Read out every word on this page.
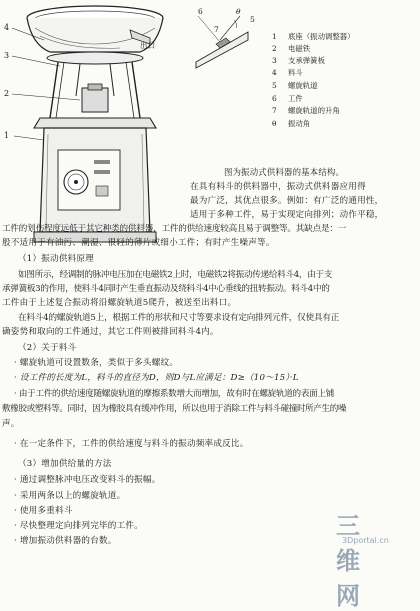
出口
4
3
2
1
6
7
5
θ
1 底座（振动调整器）
2 电磁铁
3 支承弹簧板
4 料斗
5 螺旋轨道
6 工件
7 螺旋轨道的升角
θ 振动角
图为振动式供料器的基本结构。
在具有料斗的供料器中，振动式供料器应用得
最为广泛，其优点很多。例如：有广泛的通用性，
适用于多种工件，易于实现定向排列；动作平稳，
工件的划伤程度远低于其它种类的供料器，工件的供给速度较高且易于调整等。其缺点是：一
般不适用于有油污、潮湿、很轻的薄片或细小工件；有时产生噪声等。
（1）振动供料原理
如图所示，经调制的脉冲电压加在电磁铁2上时，电磁铁2将振动传递给料斗4，由于支
承弹簧板3的作用，使料斗4同时产生垂直振动及绕料斗4中心垂线的扭转振动。料斗4中的
工件由于上述复合振动将沿螺旋轨道5爬升，被送至出料口。
在料斗4的螺旋轨道5上，根据工件的形状和尺寸等要求设有定向排列元件，仅使具有正
确姿势和取向的工件通过，其它工件则被排回料斗4内。
（2）关于料斗
· 螺旋轨道可设置数条，类似于多头螺纹。
· 设工件的长度为L，料斗的直径为D，则D与L应满足：D≥（10～15）·L
· 由于工件的供给速度随螺旋轨道的摩擦系数增大而增加，故有时在螺旋轨道的表面上铺
敷橡胶或塑料等。同时，因为橡胶具有缓冲作用，所以也用于消除工件与料斗碰撞时所产生的噪
声。
· 在一定条件下，工件的供给速度与料斗的振动频率成反比。
（3）增加供给量的方法
· 通过调整脉冲电压改变料斗的振幅。
· 采用两条以上的螺旋轨道。
· 使用多重料斗
· 尽快整理定向排列完毕的工件。
· 增加振动供料器的台数。
三维网
3Dportal.cn
